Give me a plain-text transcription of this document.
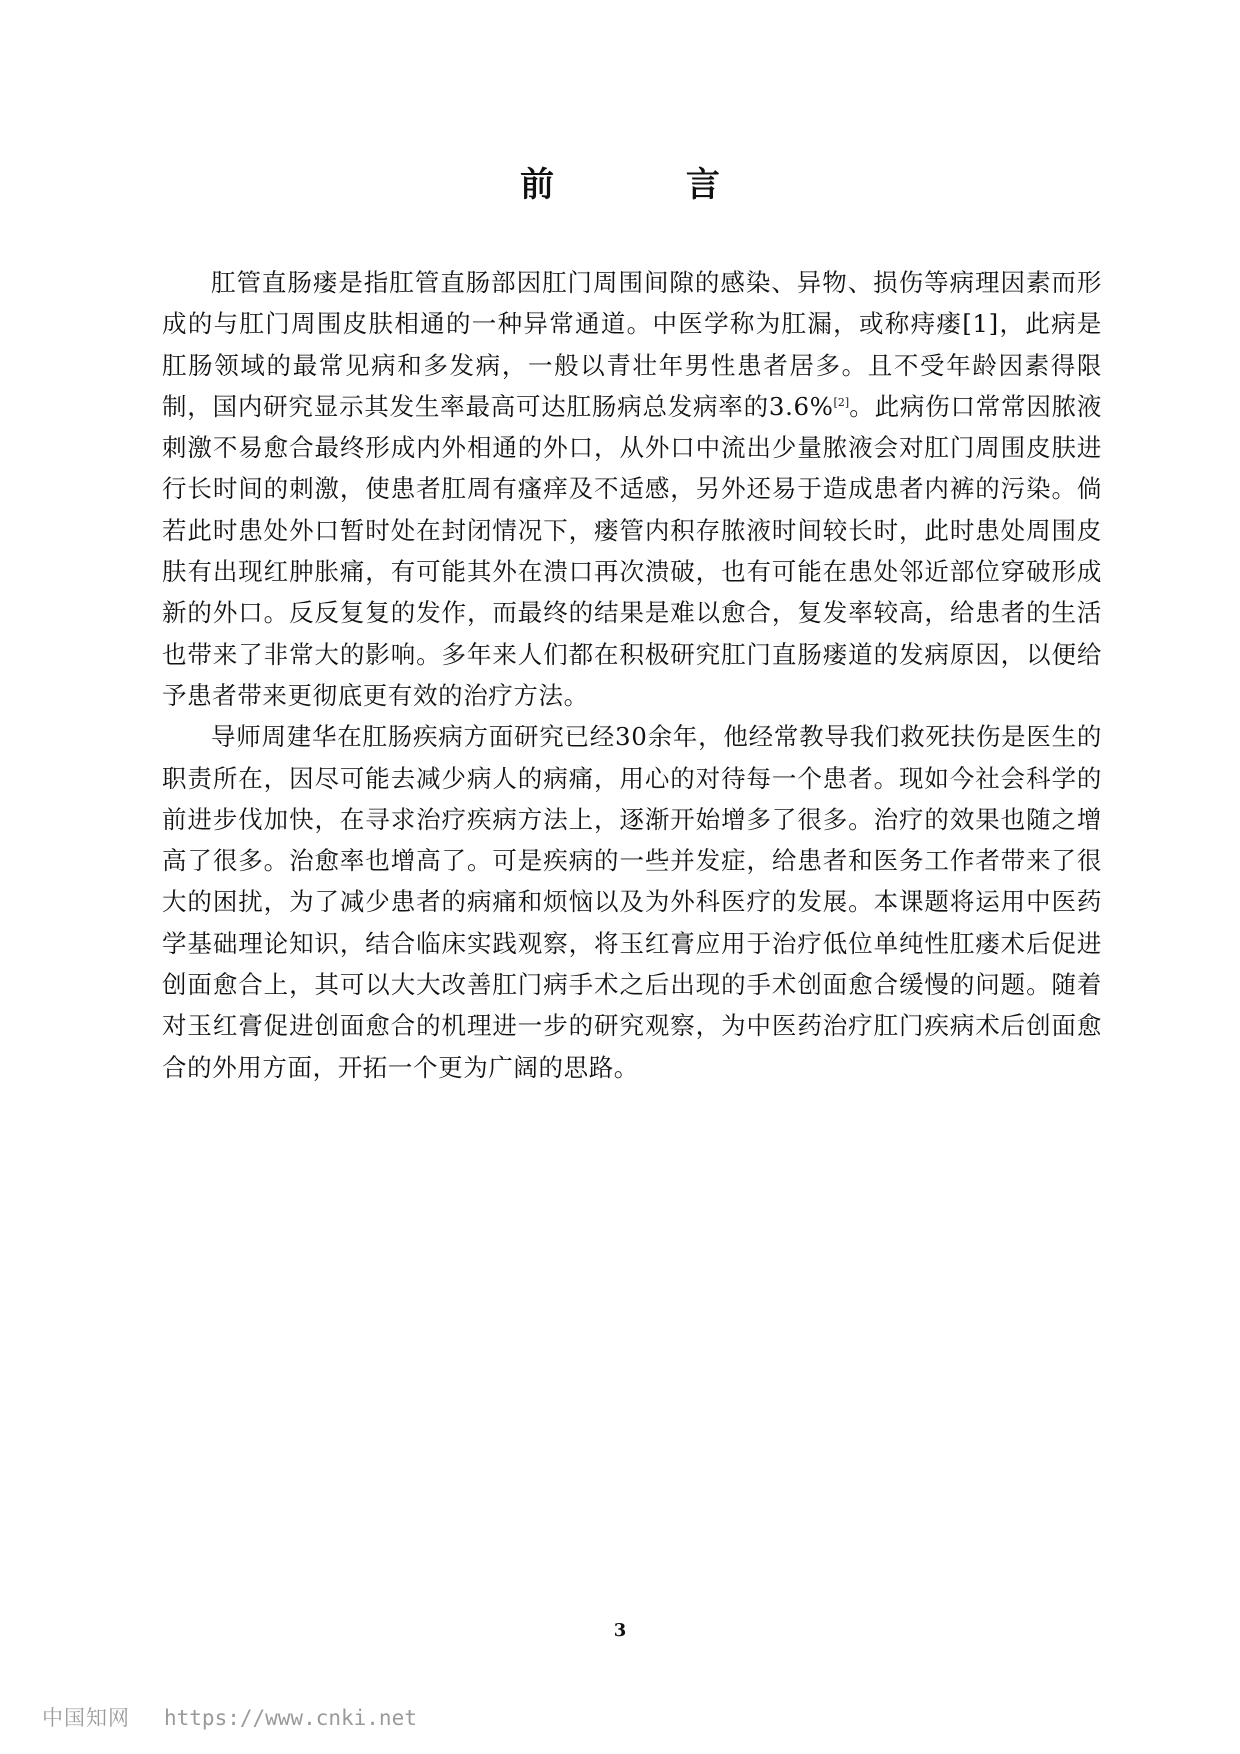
前 言

肛管直肠瘘是指肛管直肠部因肛门周围间隙的感染、异物、损伤等病理因素而形成的与肛门周围皮肤相通的一种异常通道。中医学称为肛漏，或称痔瘘[1]，此病是肛肠领域的最常见病和多发病，一般以青壮年男性患者居多。且不受年龄因素得限制，国内研究显示其发生率最高可达肛肠病总发病率的3.6%[2]。此病伤口常常因脓液刺激不易愈合最终形成内外相通的外口，从外口中流出少量脓液会对肛门周围皮肤进行长时间的刺激，使患者肛周有瘙痒及不适感，另外还易于造成患者内裤的污染。倘若此时患处外口暂时处在封闭情况下，瘘管内积存脓液时间较长时，此时患处周围皮肤有出现红肿胀痛，有可能其外在溃口再次溃破，也有可能在患处邻近部位穿破形成新的外口。反反复复的发作，而最终的结果是难以愈合，复发率较高，给患者的生活也带来了非常大的影响。多年来人们都在积极研究肛门直肠瘘道的发病原因，以便给予患者带来更彻底更有效的治疗方法。

导师周建华在肛肠疾病方面研究已经30余年，他经常教导我们救死扶伤是医生的职责所在，因尽可能去减少病人的病痛，用心的对待每一个患者。现如今社会科学的前进步伐加快，在寻求治疗疾病方法上，逐渐开始增多了很多。治疗的效果也随之增高了很多。治愈率也增高了。可是疾病的一些并发症，给患者和医务工作者带来了很大的困扰，为了减少患者的病痛和烦恼以及为外科医疗的发展。本课题将运用中医药学基础理论知识，结合临床实践观察，将玉红膏应用于治疗低位单纯性肛瘘术后促进创面愈合上，其可以大大改善肛门病手术之后出现的手术创面愈合缓慢的问题。随着对玉红膏促进创面愈合的机理进一步的研究观察，为中医药治疗肛门疾病术后创面愈合的外用方面，开拓一个更为广阔的思路。

3
中国知网 https://www.cnki.net
